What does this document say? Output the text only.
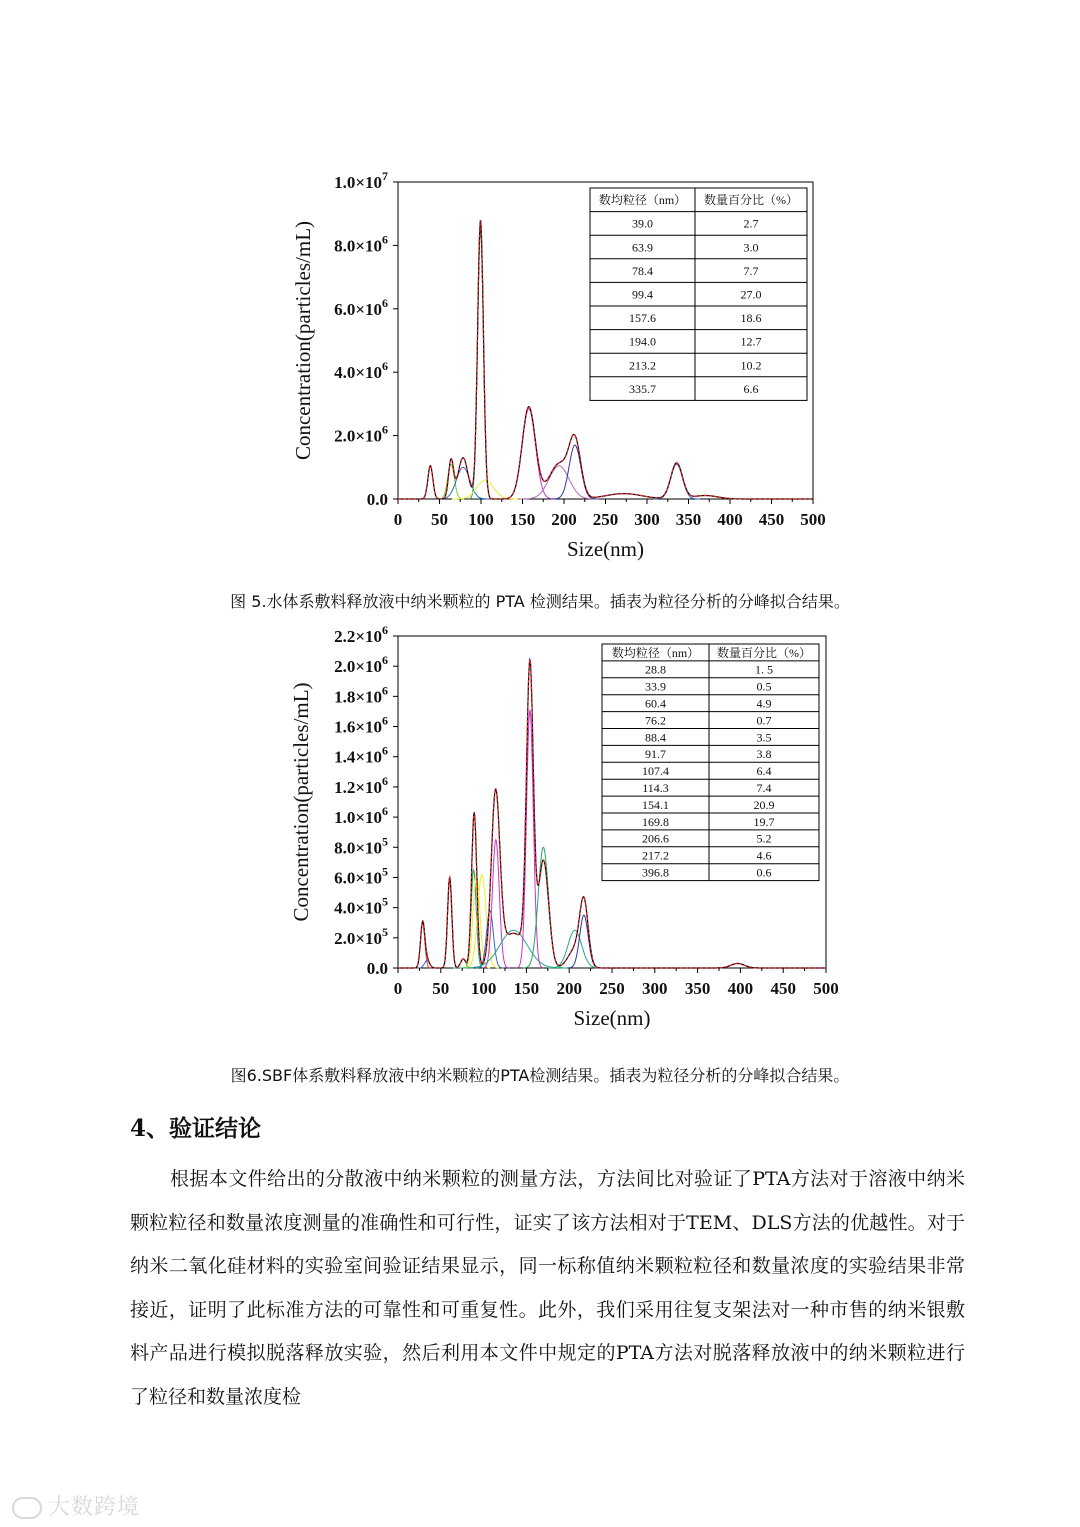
0 50 100 150 200 250 300 350 400 450 500
0.0
$2.0\times 10^6$
$4.0\times 10^6$
$6.0\times 10^6$
$8.0\times 10^6$
$1.0\times 10^7$
Size(nm)
Concentration(particles/mL)
数均粒径（nm） 数量百分比（%）
39.0	2.7
63.9	3.0
78.4	7.7
99.4	27.0
157.6	18.6
194.0	12.7
213.2	10.2
335.7	6.6
图 5.水体系敷料释放液中纳米颗粒的 PTA 检测结果。插表为粒径分析的分峰拟合结果。
0 50 100 150 200 250 300 350 400 450 500
0.0
$2.0\times 10^5$
$4.0\times 10^5$
$6.0\times 10^5$
$8.0\times 10^5$
$1.0\times 10^6$
$1.2\times 10^6$
$1.4\times 10^6$
$1.6\times 10^6$
$1.8\times 10^6$
$2.0\times 10^6$
$2.2\times 10^6$
Size(nm)
Concentration(particles/mL)
数均粒径（nm） 数量百分比（%）
28.8	1. 5
33.9	0.5
60.4	4.9
76.2	0.7
88.4	3.5
91.7	3.8
107.4	6.4
114.3	7.4
154.1	20.9
169.8	19.7
206.6	5.2
217.2	4.6
396.8	0.6
图6.SBF体系敷料释放液中纳米颗粒的PTA检测结果。插表为粒径分析的分峰拟合结果。
4、验证结论

根据本文件给出的分散液中纳米颗粒的测量方法，方法间比对验证了PTA方法对于溶液中纳米颗粒粒径和数量浓度测量的准确性和可行性，证实了该方法相对于TEM、DLS方法的优越性。对于纳米二氧化硅材料的实验室间验证结果显示，同一标称值纳米颗粒粒径和数量浓度的实验结果非常接近，证明了此标准方法的可靠性和可重复性。此外，我们采用往复支架法对一种市售的纳米银敷料产品进行模拟脱落释放实验，然后利用本文件中规定的PTA方法对脱落释放液中的纳米颗粒进行了粒径和数量浓度检

大数跨境
